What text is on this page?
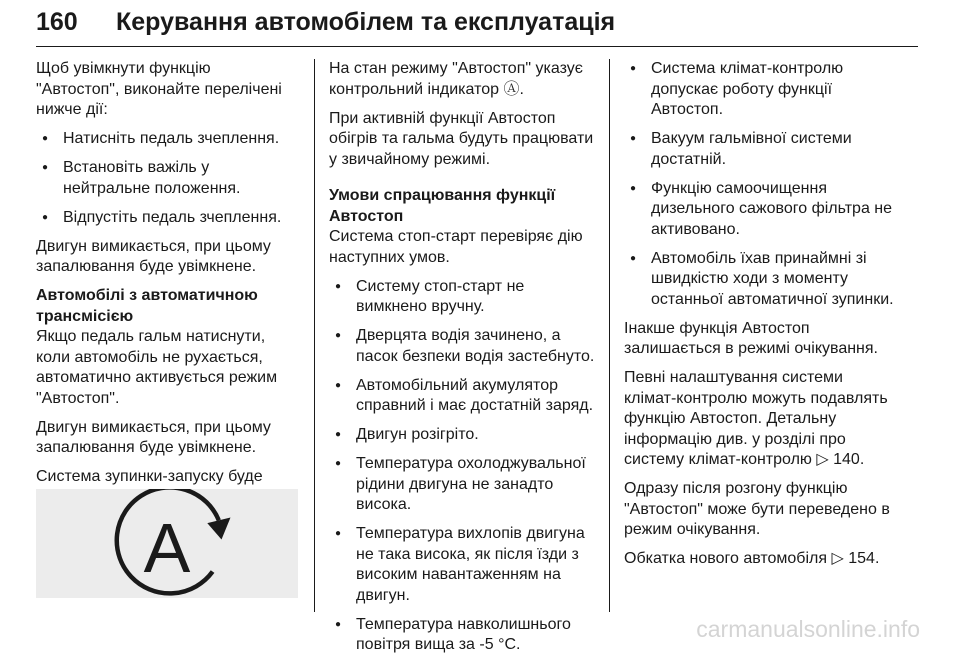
160 Керування автомобілем та експлуатація

Щоб увімкнути функцію "Автостоп", виконайте перелічені нижче дії:

● Натисніть педаль зчеплення.
● Встановіть важіль у нейтральне положення.
● Відпустіть педаль зчеплення.

Двигун вимикається, при цьому запалювання буде увімкнене.

Автомобілі з автоматичною трансмісією
Якщо педаль гальм натиснути, коли автомобіль не рухається, автоматично активується режим "Автостоп".

Двигун вимикається, при цьому запалювання буде увімкнене.

Система зупинки-запуску буде

A

На стан режиму "Автостоп" указує контрольний індикатор Ⓐ.

При активній функції Автостоп обігрів та гальма будуть працювати у звичайному режимі.

Умови спрацювання функції Автостоп
Система стоп-старт перевіряє дію наступних умов.

● Систему стоп-старт не вимкнено вручну.
● Дверцята водія зачинено, а пасок безпеки водія застебнуто.
● Автомобільний акумулятор справний і має достатній заряд.
● Двигун розігріто.
● Температура охолоджувальної рідини двигуна не занадто висока.
● Температура вихлопів двигуна не така висока, як після їзди з високим навантаженням на двигун.
● Температура навколишнього повітря вища за -5 °C.
● Система клімат-контролю допускає роботу функції Автостоп.
● Вакуум гальмівної системи достатній.
● Функцію самоочищення дизельного сажового фільтра не активовано.
● Автомобіль їхав принаймні зі швидкістю ходи з моменту останньої автоматичної зупинки.

Інакше функція Автостоп залишається в режимі очікування.

Певні налаштування системи клімат-контролю можуть подавлять функцію Автостоп. Детальну інформацію див. у розділі про систему клімат-контролю ▷ 140.

Одразу після розгону функцію "Автостоп" може бути переведено в режим очікування.

Обкатка нового автомобіля ▷ 154.

carmanualsonline.info
